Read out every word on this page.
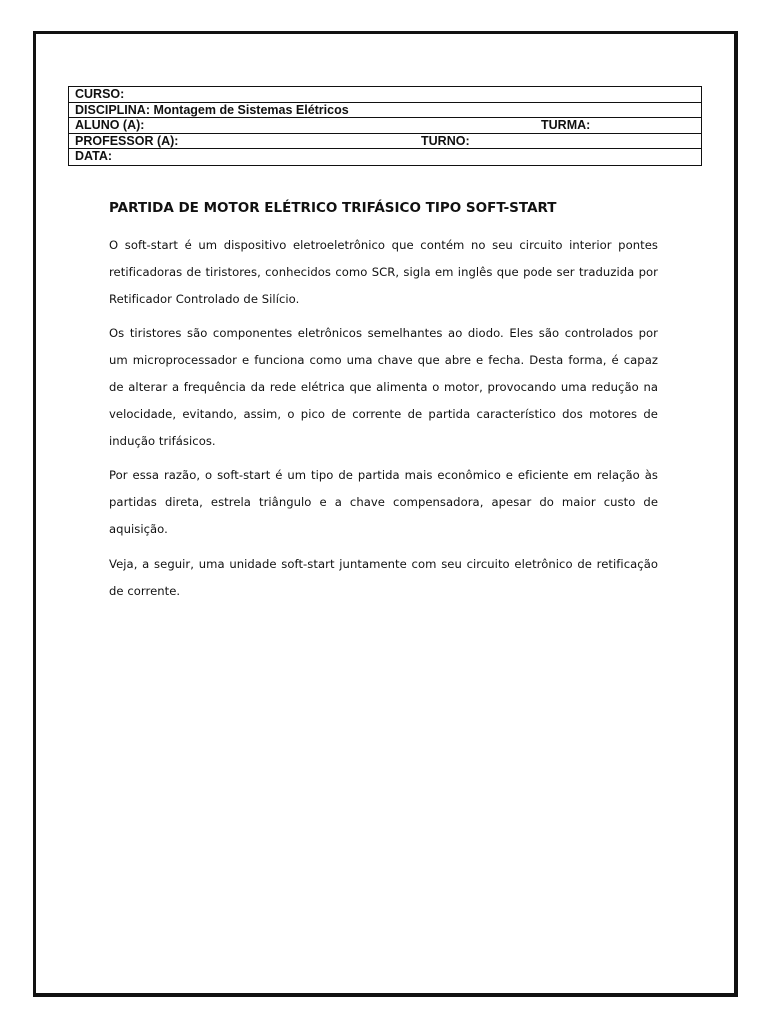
CURSO:
DISCIPLINA: Montagem de Sistemas Elétricos
ALUNO (A):	TURMA:
PROFESSOR (A):	TURNO:
DATA:
PARTIDA DE MOTOR ELÉTRICO TRIFÁSICO TIPO SOFT-START

O soft-start é um dispositivo eletroeletrônico que contém no seu circuito interior pontes retificadoras de tiristores, conhecidos como SCR, sigla em inglês que pode ser traduzida por Retificador Controlado de Silício.

Os tiristores são componentes eletrônicos semelhantes ao diodo. Eles são controlados por um microprocessador e funciona como uma chave que abre e fecha. Desta forma, é capaz de alterar a frequência da rede elétrica que alimenta o motor, provocando uma redução na velocidade, evitando, assim, o pico de corrente de partida característico dos motores de indução trifásicos.

Por essa razão, o soft-start é um tipo de partida mais econômico e eficiente em relação às partidas direta, estrela triângulo e a chave compensadora, apesar do maior custo de aquisição.

Veja, a seguir, uma unidade soft-start juntamente com seu circuito eletrônico de retificação de corrente.
